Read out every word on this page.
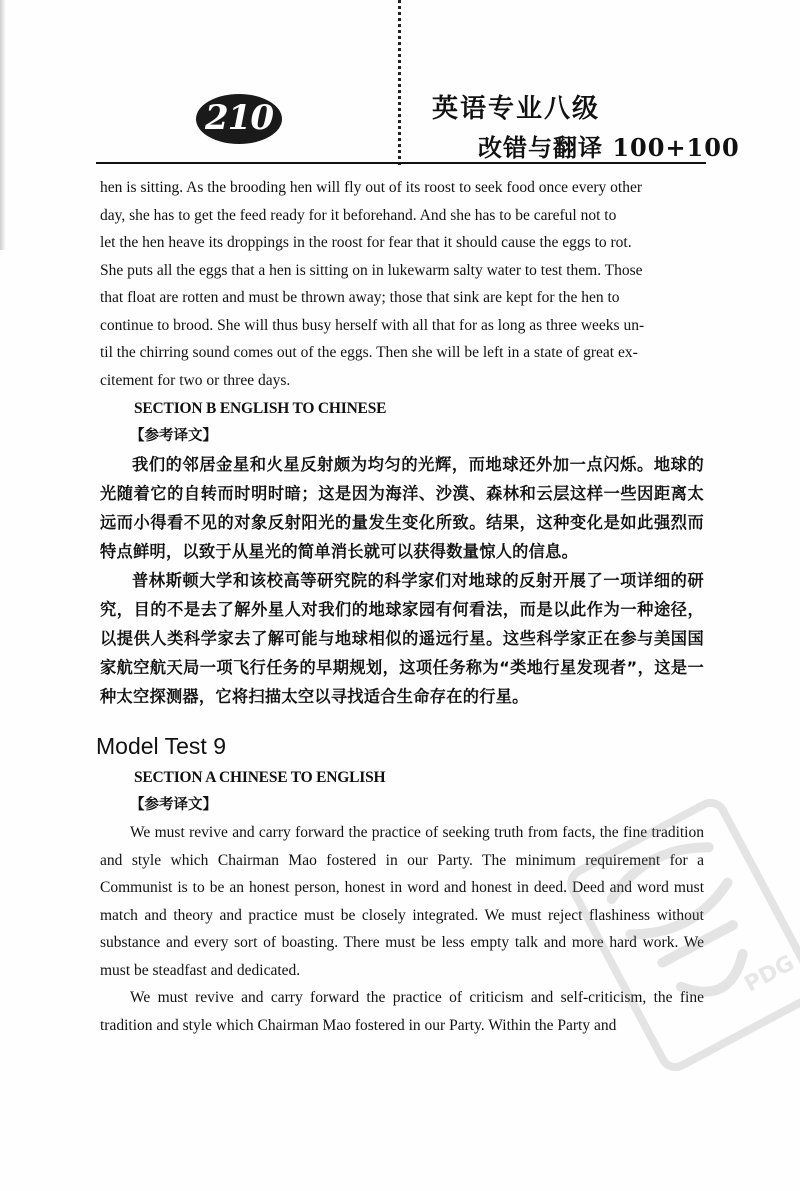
210	英语专业八级
改错与翻译 100+100

hen is sitting. As the brooding hen will fly out of its roost to seek food once every other

day, she has to get the feed ready for it beforehand. And she has to be careful not to

let the hen heave its droppings in the roost for fear that it should cause the eggs to rot.

She puts all the eggs that a hen is sitting on in lukewarm salty water to test them. Those

that float are rotten and must be thrown away; those that sink are kept for the hen to

continue to brood. She will thus busy herself with all that for as long as three weeks un-

til the chirring sound comes out of the eggs. Then she will be left in a state of great ex-

citement for two or three days.

SECTION B ENGLISH TO CHINESE
【参考译文】

我们的邻居金星和火星反射颇为均匀的光辉，而地球还外加一点闪烁。地球的光随着它的自转而时明时暗；这是因为海洋、沙漠、森林和云层这样一些因距离太远而小得看不见的对象反射阳光的量发生变化所致。结果，这种变化是如此强烈而特点鲜明，以致于从星光的简单消长就可以获得数量惊人的信息。

普林斯顿大学和该校高等研究院的科学家们对地球的反射开展了一项详细的研究，目的不是去了解外星人对我们的地球家园有何看法，而是以此作为一种途径，以提供人类科学家去了解可能与地球相似的遥远行星。这些科学家正在参与美国国家航空航天局一项飞行任务的早期规划，这项任务称为“类地行星发现者”，这是一种太空探测器，它将扫描太空以寻找适合生命存在的行星。

Model Test 9
SECTION A CHINESE TO ENGLISH
【参考译文】

We must revive and carry forward the practice of seeking truth from facts, the fine tradition and style which Chairman Mao fostered in our Party. The minimum requirement for a Communist is to be an honest person, honest in word and honest in deed. Deed and word must match and theory and practice must be closely integrated. We must reject flashiness without substance and every sort of boasting. There must be less empty talk and more hard work. We must be steadfast and dedicated.

We must revive and carry forward the practice of criticism and self-criticism, the fine tradition and style which Chairman Mao fostered in our Party. Within the Party and

PDG
